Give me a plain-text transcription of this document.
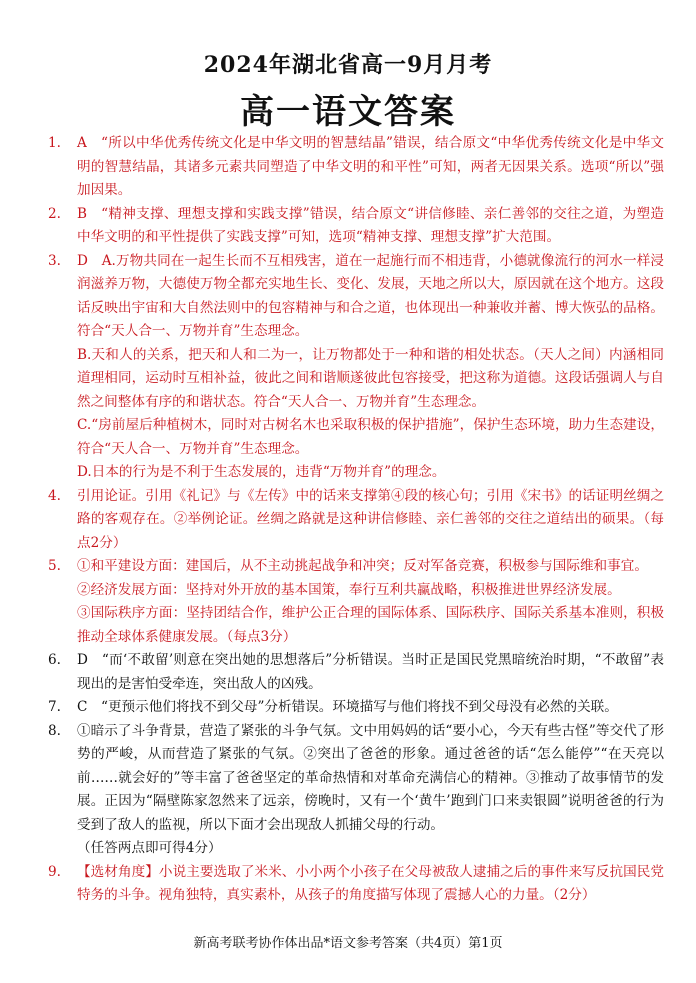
2024年湖北省高一9月月考
高一语文答案
1.	A　“所以中华优秀传统文化是中华文明的智慧结晶”错误，结合原文“中华优秀传统文化是中华文明的智慧结晶，其诸多元素共同塑造了中华文明的和平性”可知，两者无因果关系。选项“所以”强加因果。
2.	B　“精神支撑、理想支撑和实践支撑”错误，结合原文“讲信修睦、亲仁善邻的交往之道，为塑造中华文明的和平性提供了实践支撑”可知，选项“精神支撑、理想支撑”扩大范围。
3.	D　A.万物共同在一起生长而不互相残害，道在一起施行而不相违背，小德就像流行的河水一样浸润滋养万物，大德使万物全都充实地生长、变化、发展，天地之所以大，原因就在这个地方。这段话反映出宇宙和大自然法则中的包容精神与和合之道，也体现出一种兼收并蓄、博大恢弘的品格。符合“天人合一、万物并育”生态理念。
B.天和人的关系，把天和人和二为一，让万物都处于一种和谐的相处状态。（天人之间）内涵相同道理相同，运动时互相补益，彼此之间和谐顺遂彼此包容接受，把这称为道德。这段话强调人与自然之间整体有序的和谐状态。符合“天人合一、万物并育”生态理念。
C.“房前屋后种植树木，同时对古树名木也采取积极的保护措施”，保护生态环境，助力生态建设，符合“天人合一、万物并育”生态理念。
D.日本的行为是不利于生态发展的，违背“万物并育”的理念。
4.	引用论证。引用《礼记》与《左传》中的话来支撑第④段的核心句；引用《宋书》的话证明丝绸之路的客观存在。②举例论证。丝绸之路就是这种讲信修睦、亲仁善邻的交往之道结出的硕果。（每点2分）
5.	①和平建设方面：建国后，从不主动挑起战争和冲突；反对军备竞赛，积极参与国际维和事宜。
②经济发展方面：坚持对外开放的基本国策，奉行互利共赢战略，积极推进世界经济发展。
③国际秩序方面：坚持团结合作，维护公正合理的国际体系、国际秩序、国际关系基本准则，积极推动全球体系健康发展。（每点3分）
6.	D　“而‘不敢留’则意在突出她的思想落后”分析错误。当时正是国民党黑暗统治时期，“不敢留”表现出的是害怕受牵连，突出敌人的凶残。
7.	C　“更预示他们将找不到父母”分析错误。环境描写与他们将找不到父母没有必然的关联。
8.	①暗示了斗争背景，营造了紧张的斗争气氛。文中用妈妈的话“要小心，今天有些古怪”等交代了形势的严峻，从而营造了紧张的气氛。②突出了爸爸的形象。通过爸爸的话“怎么能停”“在天亮以前……就会好的”等丰富了爸爸坚定的革命热情和对革命充满信心的精神。③推动了故事情节的发展。正因为“隔壁陈家忽然来了远亲，傍晚时，又有一个‘黄牛’跑到门口来卖银圆”说明爸爸的行为受到了敌人的监视，所以下面才会出现敌人抓捕父母的行动。
（任答两点即可得4分）
9.	【选材角度】小说主要选取了米米、小小两个小孩子在父母被敌人逮捕之后的事件来写反抗国民党特务的斗争。视角独特，真实素朴，从孩子的角度描写体现了震撼人心的力量。（2分）
新高考联考协作体出品*语文参考答案（共4页）第1页
